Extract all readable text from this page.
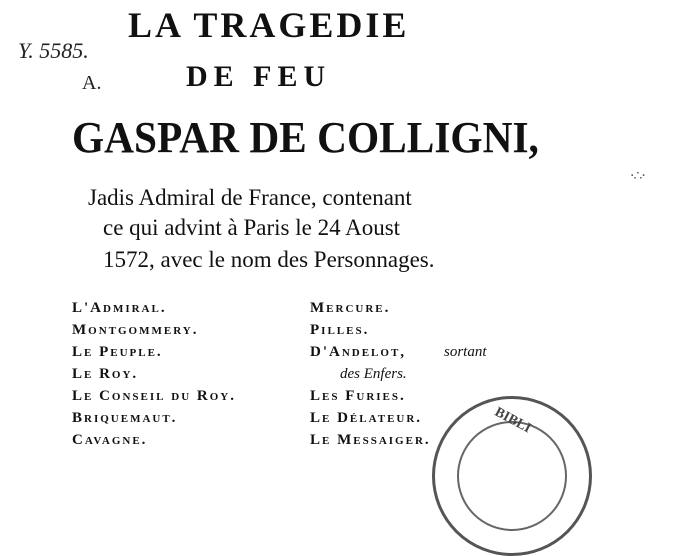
Y. 5585.
A.
LA TRAGEDIE
DE FEU
GASPAR DE COLLIGNI,
Jadis Admiral de France, contenant
ce qui advint à Paris le 24 Aoust
1572, avec le nom des Personnages.
L'Admiral.
Montgommery.
Le Peuple.
Le Roy.
Le Conseil du Roy.
Briquemaut.
Cavagne.
Mercure.
Pilles.
D'Andelot,	sortant
des Enfers.
Les Furies.
Le Délateur.
Le Messaiger.
BIBLI
·∴·
